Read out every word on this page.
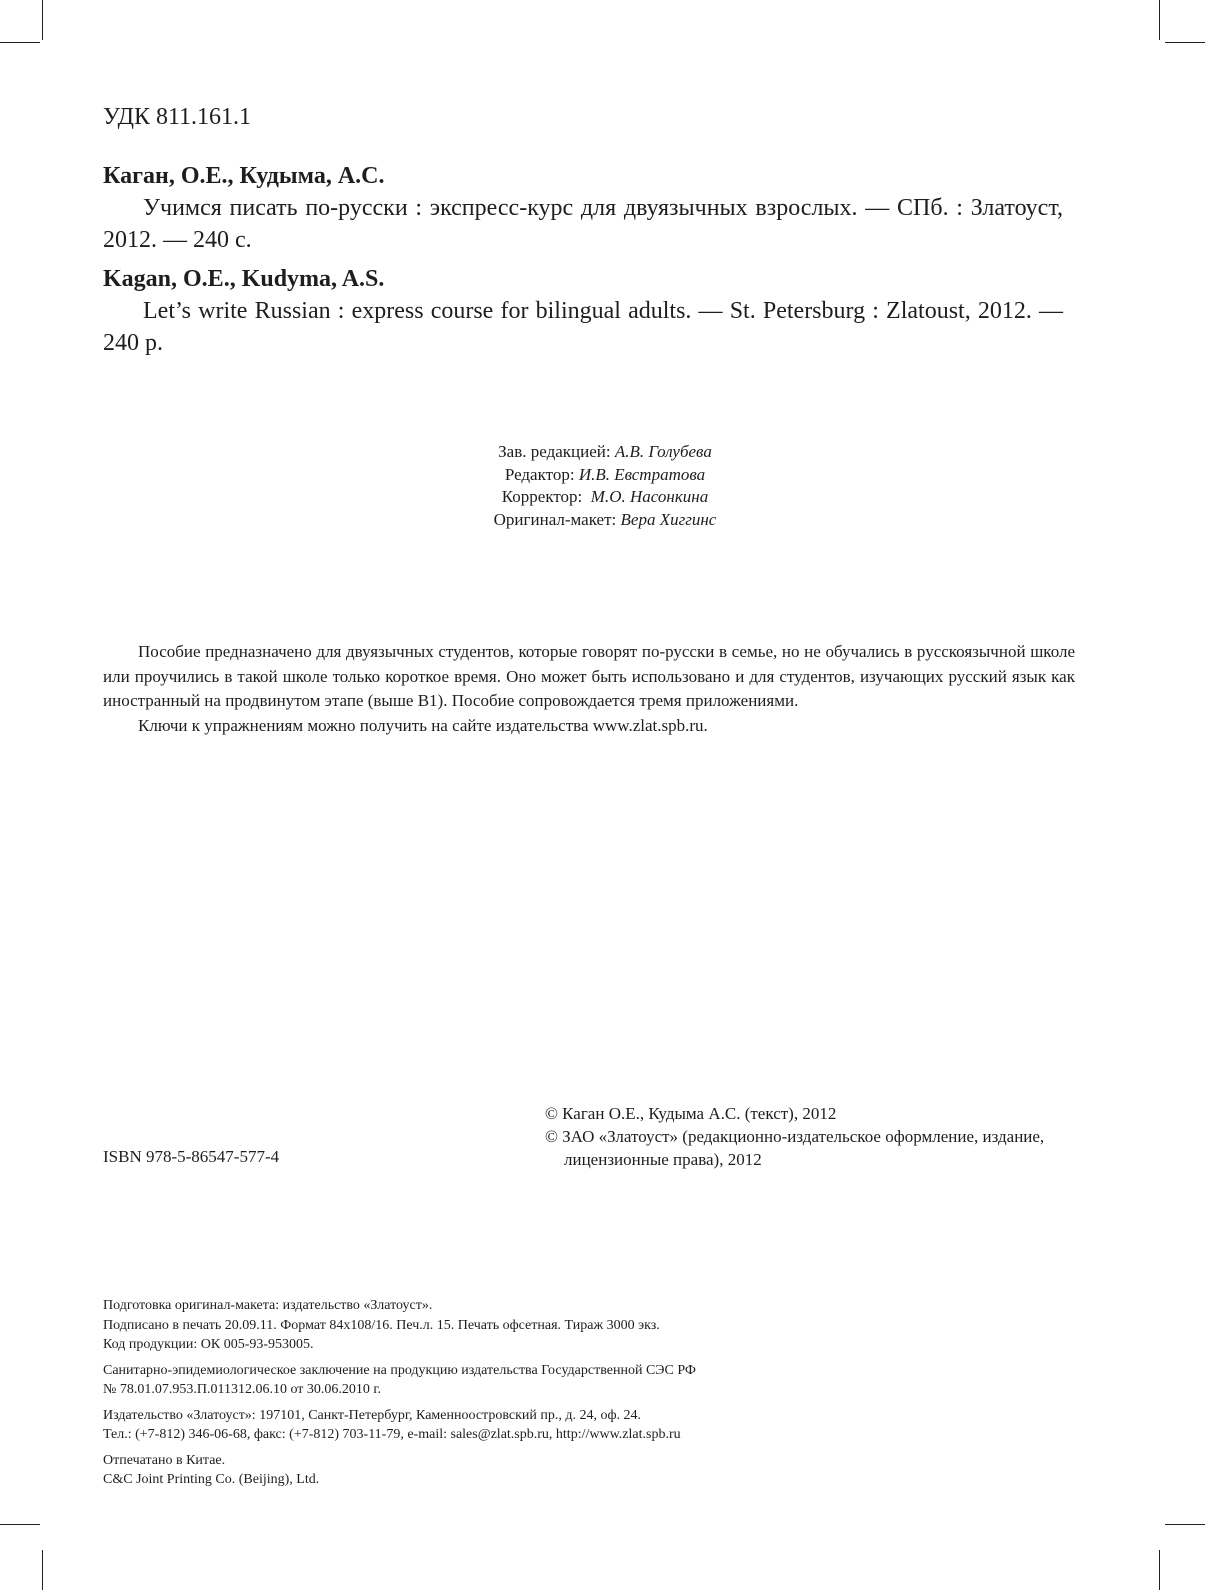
УДК 811.161.1
Каган, О.Е., Кудыма, А.С.
Учимся писать по-русски : экспресс-курс для двуязычных взрослых. — СПб. : Златоуст, 2012. — 240 с.
Kagan, O.E., Kudyma, A.S.
Let’s write Russian : express course for bilingual adults. — St. Petersburg : Zlatoust, 2012. — 240 p.
Зав. редакцией: А.В. Голубева
Редактор: И.В. Евстратова
Корректор: М.О. Насонкина
Оригинал-макет: Вера Хиггинс

Пособие предназначено для двуязычных студентов, которые говорят по-русски в семье, но не обучались в русскоязычной школе или проучились в такой школе только короткое время. Оно может быть использовано и для студентов, изучающих русский язык как иностранный на продвинутом этапе (выше В1). Пособие сопровождается тремя приложениями.

Ключи к упражнениям можно получить на сайте издательства www.zlat.spb.ru.

ISBN 978-5-86547-577-4
© Каган О.Е., Кудыма А.С. (текст), 2012
© ЗАО «Златоуст» (редакционно-издательское оформление, издание, лицензионные права), 2012
Подготовка оригинал-макета: издательство «Златоуст».
Подписано в печать 20.09.11. Формат 84х108/16. Печ.л. 15. Печать офсетная. Тираж 3000 экз.
Код продукции: ОК 005-93-953005.
Санитарно-эпидемиологическое заключение на продукцию издательства Государственной СЭС РФ
№ 78.01.07.953.П.011312.06.10 от 30.06.2010 г.
Издательство «Златоуст»: 197101, Санкт-Петербург, Каменноостровский пр., д. 24, оф. 24.
Тел.: (+7-812) 346-06-68, факс: (+7-812) 703-11-79, e-mail: sales@zlat.spb.ru, http://www.zlat.spb.ru
Отпечатано в Китае.
C&C Joint Printing Co. (Beijing), Ltd.
